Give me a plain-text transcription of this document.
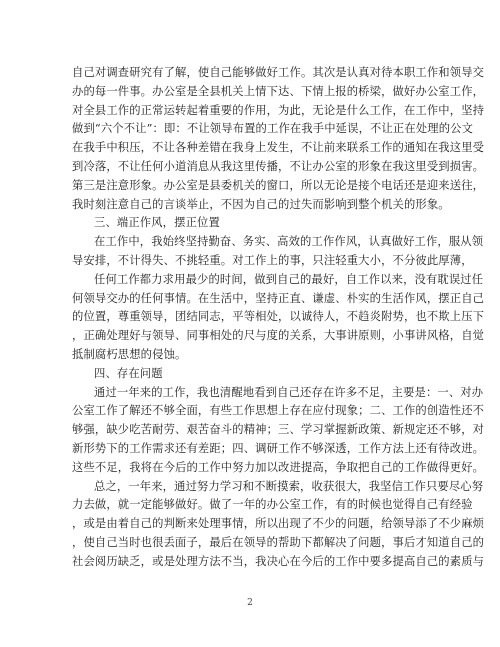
自己对调查研究有了解，使自己能够做好工作。其次是认真对待本职工作和领导交
办的每一件事。办公室是全县机关上情下达、下情上报的桥梁，做好办公室工作，
对全县工作的正常运转起着重要的作用，为此，无论是什么工作，在工作中，坚持
做到“六个不让”：即：不让领导布置的工作在我手中延误，不让正在处理的公文
在我手中积压，不让各种差错在我身上发生，不让前来联系工作的通知在我这里受
到冷落，不让任何小道消息从我这里传播，不让办公室的形象在我这里受到损害。
第三是注意形象。办公室是县委机关的窗口，所以无论是接个电话还是迎来送往，
我时刻注意自己的言谈举止，不因为自己的过失而影响到整个机关的形象。
三、端正作风，摆正位置
在工作中，我始终坚持勤奋、务实、高效的工作作风，认真做好工作，服从领
导安排，不计得失、不挑轻重。对工作上的事，只注轻重大小，不分彼此厚薄，
任何工作都力求用最少的时间，做到自己的最好，自工作以来，没有耽误过任
何领导交办的任何事情。在生活中，坚持正直、谦虚、朴实的生活作风，摆正自己
的位置，尊重领导，团结同志，平等相处，以诚待人，不趋炎附势，也不欺上压下
，正确处理好与领导、同事相处的尺与度的关系，大事讲原则，小事讲风格，自觉
抵制腐朽思想的侵蚀。
四、存在问题
通过一年来的工作，我也清醒地看到自己还存在许多不足，主要是：一、对办
公室工作了解还不够全面，有些工作思想上存在应付现象；二、工作的创造性还不
够强，缺少吃苦耐劳、艰苦奋斗的精神；三、学习掌握新政策、新规定还不够，对
新形势下的工作需求还有差距；四、调研工作不够深透，工作方法上还有待改进。
这些不足，我将在今后的工作中努力加以改进提高，争取把自己的工作做得更好。
总之，一年来，通过努力学习和不断摸索，收获很大，我坚信工作只要尽心努
力去做，就一定能够做好。做了一年的办公室工作，有的时候也觉得自己有经验
，或是由着自己的判断来处理事情，所以出现了不少的问题，给领导添了不少麻烦
，使自己当时也很丢面子，最后在领导的帮助下都解决了问题，事后才知道自己的
社会阅历缺乏，或是处理方法不当，我决心在今后的工作中要多提高自己的素质与
2
